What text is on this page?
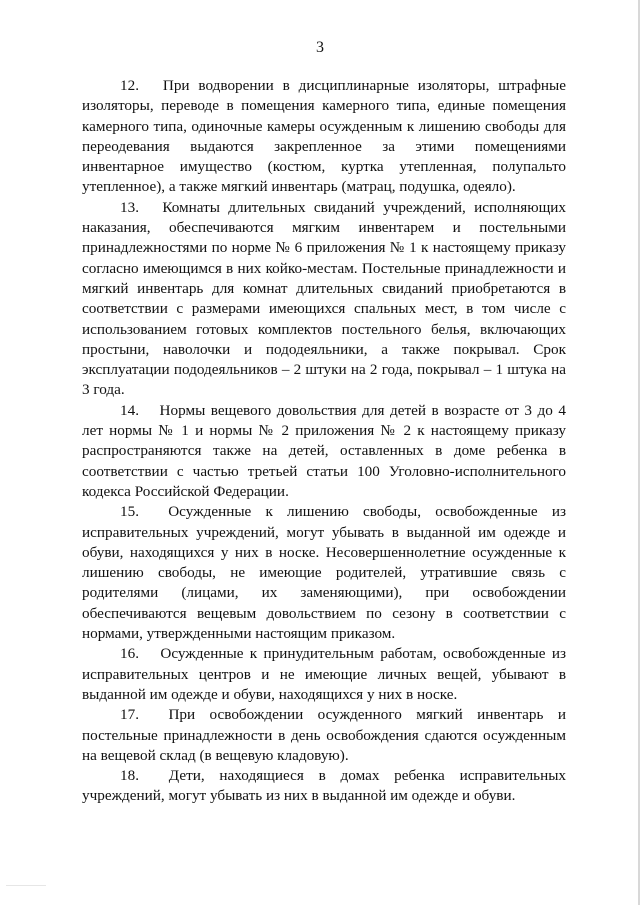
3

12. При водворении в дисциплинарные изоляторы, штрафные изоляторы, переводе в помещения камерного типа, единые помещения камерного типа, одиночные камеры осужденным к лишению свободы для переодевания выдаются закрепленное за этими помещениями инвентарное имущество (костюм, куртка утепленная, полупальто утепленное), а также мягкий инвентарь (матрац, подушка, одеяло).

13. Комнаты длительных свиданий учреждений, исполняющих наказания, обеспечиваются мягким инвентарем и постельными принадлежностями по норме № 6 приложения № 1 к настоящему приказу согласно имеющимся в них койко-местам. Постельные принадлежности и мягкий инвентарь для комнат длительных свиданий приобретаются в соответствии с размерами имеющихся спальных мест, в том числе с использованием готовых комплектов постельного белья, включающих простыни, наволочки и пододеяльники, а также покрывал. Срок эксплуатации пододеяльников – 2 штуки на 2 года, покрывал – 1 штука на 3 года.

14. Нормы вещевого довольствия для детей в возрасте от 3 до 4 лет нормы № 1 и нормы № 2 приложения № 2 к настоящему приказу распространяются также на детей, оставленных в доме ребенка в соответствии с частью третьей статьи 100 Уголовно-исполнительного кодекса Российской Федерации.

15. Осужденные к лишению свободы, освобожденные из исправительных учреждений, могут убывать в выданной им одежде и обуви, находящихся у них в носке. Несовершеннолетние осужденные к лишению свободы, не имеющие родителей, утратившие связь с родителями (лицами, их заменяющими), при освобождении обеспечиваются вещевым довольствием по сезону в соответствии с нормами, утвержденными настоящим приказом.

16. Осужденные к принудительным работам, освобожденные из исправительных центров и не имеющие личных вещей, убывают в выданной им одежде и обуви, находящихся у них в носке.

17. При освобождении осужденного мягкий инвентарь и постельные принадлежности в день освобождения сдаются осужденным на вещевой склад (в вещевую кладовую).

18. Дети, находящиеся в домах ребенка исправительных учреждений, могут убывать из них в выданной им одежде и обуви.
